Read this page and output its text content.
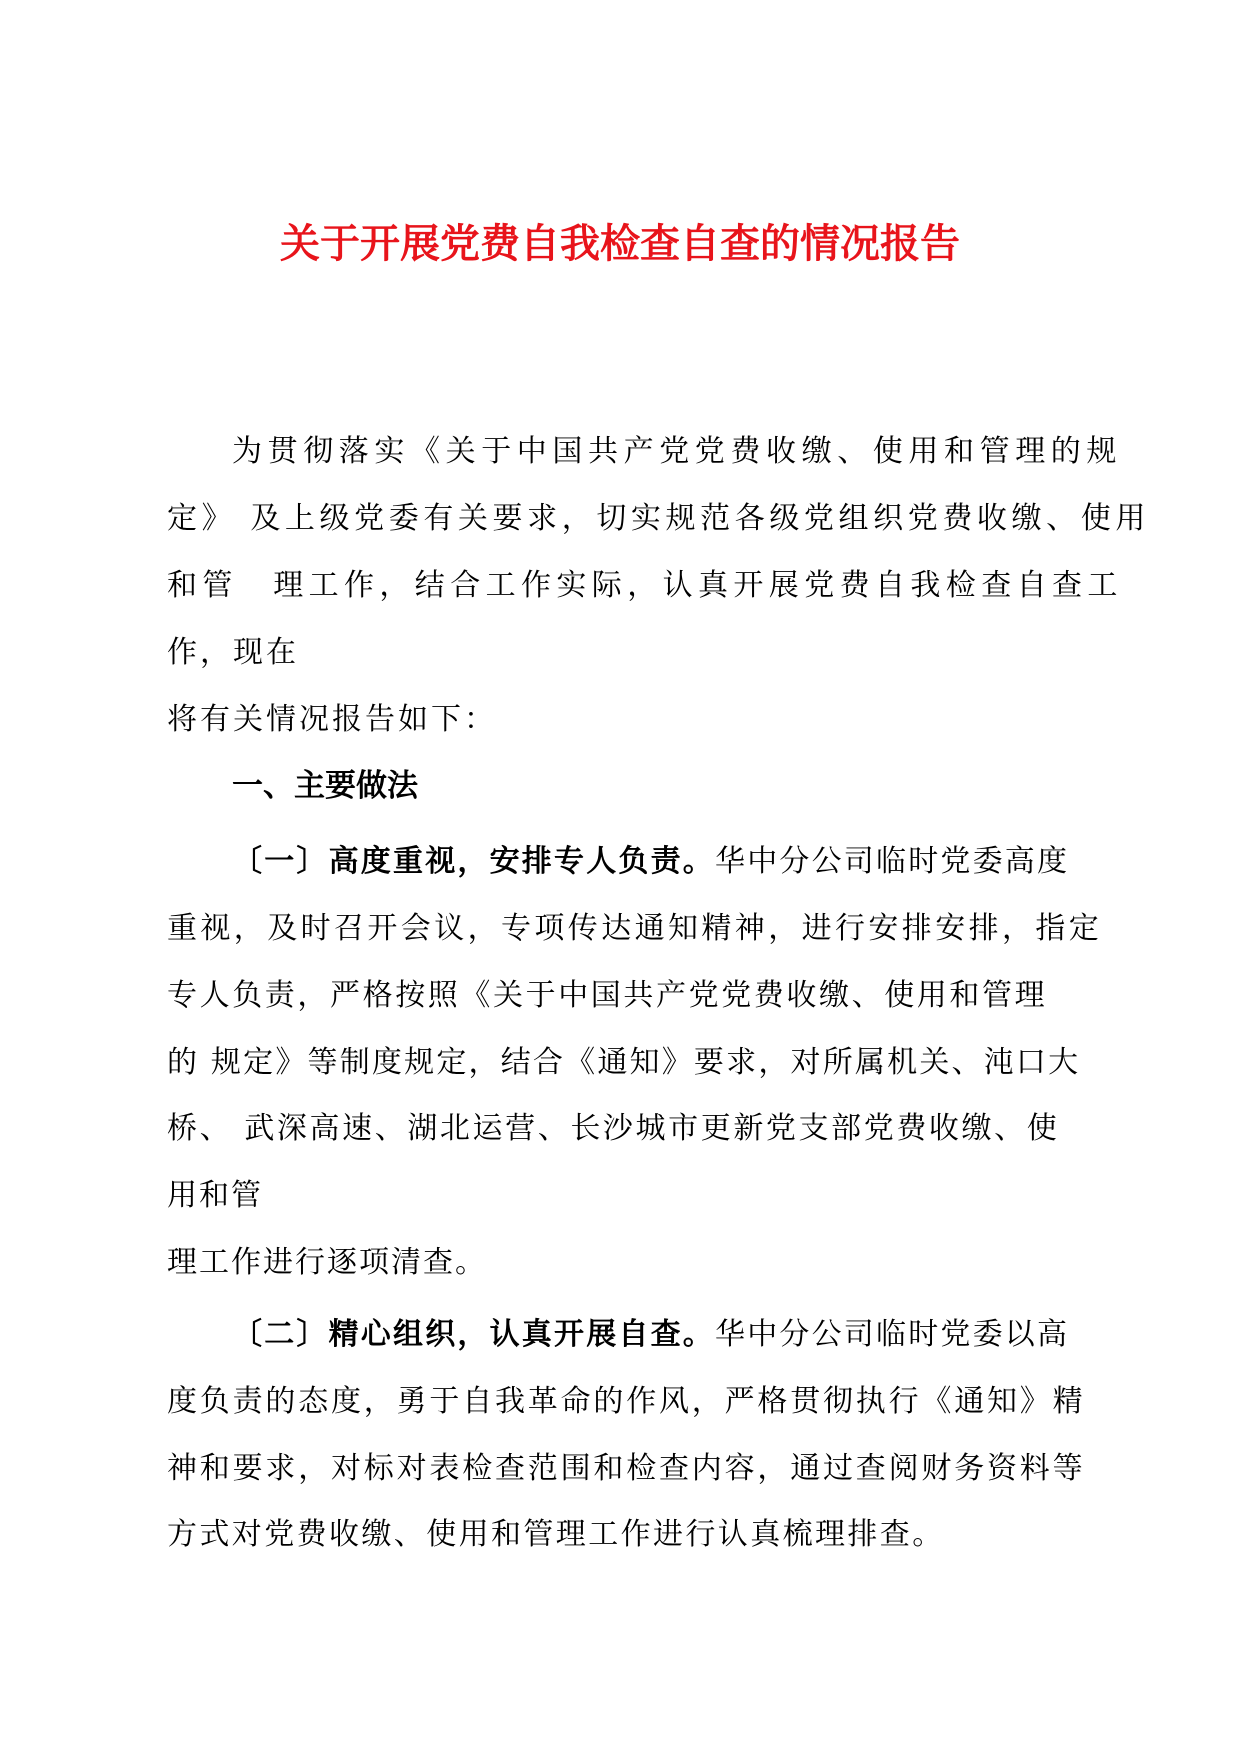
关于开展党费自我检查自查的情况报告

为贯彻落实《关于中国共产党党费收缴、使用和管理的规

定》 及上级党委有关要求，切实规范各级党组织党费收缴、使用

和管　理工作，结合工作实际，认真开展党费自我检查自查工

作，现在

将有关情况报告如下：

一、主要做法

〔一〕高度重视，安排专人负责。华中分公司临时党委高度

重视，及时召开会议，专项传达通知精神，进行安排安排，指定

专人负责，严格按照《关于中国共产党党费收缴、使用和管理

的 规定》等制度规定，结合《通知》要求，对所属机关、沌口大

桥、 武深高速、湖北运营、长沙城市更新党支部党费收缴、使

用和管

理工作进行逐项清查。

〔二〕精心组织，认真开展自查。华中分公司临时党委以高

度负责的态度，勇于自我革命的作风，严格贯彻执行《通知》精

神和要求，对标对表检查范围和检查内容，通过查阅财务资料等

方式对党费收缴、使用和管理工作进行认真梳理排查。
